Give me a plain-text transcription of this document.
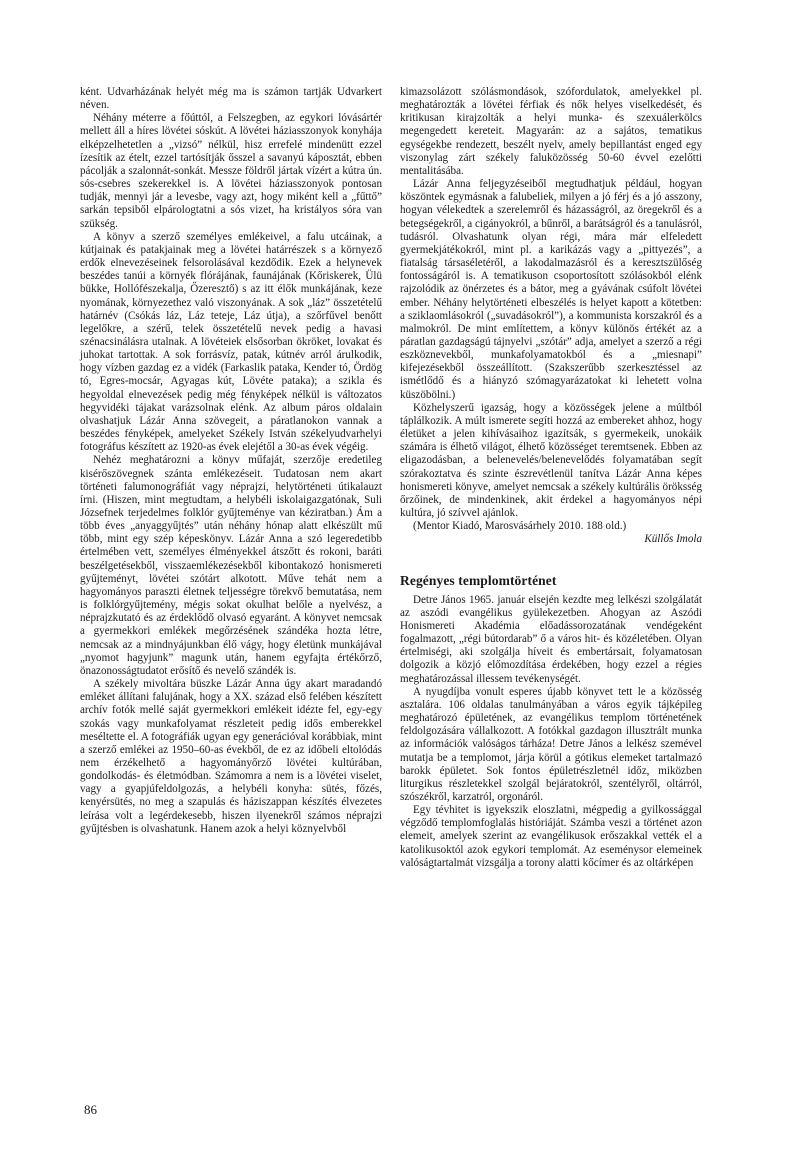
ként. Udvarházának helyét még ma is számon tartják Udvarkert néven.

Néhány méterre a főúttól, a Felszegben, az egykori lóvásártér mellett áll a híres lövétei sóskút. A lövétei háziasszonyok konyhája elképzelhetetlen a „vizsó” nélkül, hisz errefelé mindenütt ezzel ízesítik az ételt, ezzel tartósítják ősszel a savanyú káposztát, ebben pácolják a szalonnát-sonkát. Messze földről jártak vízért a kútra ún. sós-csebres szekerekkel is. A lövétei háziasszonyok pontosan tudják, mennyi jár a levesbe, vagy azt, hogy miként kell a „fűttő” sarkán tepsiből elpárologtatni a sós vizet, ha kristályos sóra van szükség.

A könyv a szerző személyes emlékeivel, a falu utcáinak, a kútjainak és patakjainak meg a lövétei határrészek s a környező erdők elnevezéseinek felsorolásával kezdődik. Ezek a helynevek beszédes tanúi a környék flórájának, faunájának (Kőriskerek, Ülü bükke, Hollófészekalja, Őzeresztő) s az itt élők munkájának, keze nyomának, környezethez való viszonyának. A sok „láz” összetételű határnév (Csókás láz, Láz teteje, Láz útja), a szőrfűvel benőtt legelőkre, a szérű, telek összetételű nevek pedig a havasi szénacsinálásra utalnak. A lövéteiek elsősorban ökröket, lovakat és juhokat tartottak. A sok forrásvíz, patak, kútnév arról árulkodik, hogy vízben gazdag ez a vidék (Farkaslik pataka, Kender tó, Ördög tó, Egres-mocsár, Agyagas kút, Lövéte pataka); a szikla és hegyoldal elnevezések pedig még fényképek nélkül is változatos hegyvidéki tájakat varázsolnak elénk. Az album páros oldalain olvashatjuk Lázár Anna szövegeit, a páratlanokon vannak a beszédes fényképek, amelyeket Székely István székelyudvarhelyi fotográfus készített az 1920-as évek elejétől a 30-as évek végéig.

Nehéz meghatározni a könyv műfaját, szerzője eredetileg kisérőszövegnek szánta emlékezéseit. Tudatosan nem akart történeti falumonográfiát vagy néprajzi, helytörténeti útikalauzt írni. (Hiszen, mint megtudtam, a helybéli iskolaigazgatónak, Suli Józsefnek terjedelmes folklór gyűjteménye van kéziratban.) Ám a több éves „anyaggyűjtés” után néhány hónap alatt elkészült mű több, mint egy szép képeskönyv. Lázár Anna a szó legeredetibb értelmében vett, személyes élményekkel átszőtt és rokoni, baráti beszélgetésekből, visszaemlékezésekből kibontakozó honismereti gyűjteményt, lövétei szótárt alkotott. Műve tehát nem a hagyományos paraszti életnek teljességre törekvő bemutatása, nem is folklórgyűjtemény, mégis sokat okulhat belőle a nyelvész, a néprajzkutató és az érdeklődő olvasó egyaránt. A könyvet nemcsak a gyermekkori emlékek megőrzésének szándéka hozta létre, nemcsak az a mindnyájunkban élő vágy, hogy életünk munkájával „nyomot hagyjunk” magunk után, hanem egyfajta értékőrző, önazonosságtudatot erősítő és nevelő szándék is.

A székely mivoltára büszke Lázár Anna úgy akart maradandó emléket állítani falujának, hogy a XX. század első felében készített archív fotók mellé saját gyermekkori emlékeit idézte fel, egy-egy szokás vagy munkafolyamat részleteit pedig idős emberekkel meséltette el. A fotográfiák ugyan egy generációval korábbiak, mint a szerző emlékei az 1950–60-as évekből, de ez az időbeli eltolódás nem érzékelhető a hagyományőrző lövétei kultúrában, gondolkodás- és életmódban. Számomra a nem is a lövétei viselet, vagy a gyapjúfeldolgozás, a helybéli konyha: sütés, főzés, kenyérsütés, no meg a szapulás és háziszappan készítés élvezetes leírása volt a legérdekesebb, hiszen ilyenekről számos néprajzi gyűjtésben is olvashatunk. Hanem azok a helyi köznyelvből

kimazsolázott szólásmondások, szófordulatok, amelyekkel pl. meghatározták a lövétei férfiak és nők helyes viselkedését, és kritikusan kirajzolták a helyi munka- és szexuálerkölcs megengedett kereteit. Magyarán: az a sajátos, tematikus egységekbe rendezett, beszélt nyelv, amely bepillantást enged egy viszonylag zárt székely faluközösség 50-60 évvel ezelőtti mentalitásába.

Lázár Anna feljegyzéseiből megtudhatjuk például, hogyan köszöntek egymásnak a falubeliek, milyen a jó férj és a jó asszony, hogyan vélekedtek a szerelemről és házasságról, az öregekről és a betegségekről, a cigányokról, a bűnről, a barátságról és a tanulásról, tudásról. Olvashatunk olyan régi, mára már elfeledett gyermekjátékokról, mint pl. a karikázás vagy a „pittyezés”, a fiatalság társaséletéről, a lakodalmazásról és a keresztszülőség fontosságáról is. A tematikuson csoportosított szólásokból elénk rajzolódik az önérzetes és a bátor, meg a gyávának csúfolt lövétei ember. Néhány helytörténeti elbeszélés is helyet kapott a kötetben: a sziklaomlásokról („suvadásokról”), a kommunista korszakról és a malmokról. De mint említettem, a könyv különös értékét az a páratlan gazdagságú tájnyelvi „szótár” adja, amelyet a szerző a régi eszköznevekből, munkafolyamatokból és a „miesnapi” kifejezésekből összeállított. (Szakszerűbb szerkesztéssel az ismétlődő és a hiányzó szómagyarázatokat ki lehetett volna küszöbölni.)

Közhelyszerű igazság, hogy a közösségek jelene a múltból táplálkozik. A múlt ismerete segíti hozzá az embereket ahhoz, hogy életüket a jelen kihívásaihoz igazítsák, s gyermekeik, unokáik számára is élhető világot, élhető közösséget teremtsenek. Ebben az eligazodásban, a belenevelés/belenevelődés folyamatában segít szórakoztatva és szinte észrevétlenül tanítva Lázár Anna képes honismereti könyve, amelyet nemcsak a székely kultúrális öröksség őrzőinek, de mindenkinek, akit érdekel a hagyományos népi kultúra, jó szívvel ajánlok.

(Mentor Kiadó, Marosvásárhely 2010. 188 old.)

Küllős Imola

Regényes templomtörténet

Detre János 1965. január elsején kezdte meg lelkészi szolgálatát az aszódi evangélikus gyülekezetben. Ahogyan az Aszódi Honismereti Akadémia előadássorozatának vendégeként fogalmazott, „régi bútordarab” ő a város hit- és közéletében. Olyan értelmiségi, aki szolgálja híveit és embertársait, folyamatosan dolgozik a közjó előmozdítása érdekében, hogy ezzel a régies meghatározással illessem tevékenységét.

A nyugdíjba vonult esperes újabb könyvet tett le a közösség asztalára. 106 oldalas tanulmányában a város egyik tájképileg meghatározó épületének, az evangélikus templom történetének feldolgozására vállalkozott. A fotókkal gazdagon illusztrált munka az információk valóságos tárháza! Detre János a lelkész szemével mutatja be a templomot, járja körül a gótikus elemeket tartalmazó barokk épületet. Sok fontos épületrészletnél időz, miközben liturgikus részletekkel szolgál bejáratokról, szentélyről, oltárról, szószékről, karzatról, orgonáról.

Egy tévhitet is igyekszik eloszlatni, mégpedig a gyilkossággal végződő templomfoglalás históriáját. Számba veszi a történet azon elemeit, amelyek szerint az evangélikusok erőszakkal vették el a katolikusoktól azok egykori templomát. Az eseménysor elemeinek valóságtartalmát vizsgálja a torony alatti kőcímer és az oltárképen

86
